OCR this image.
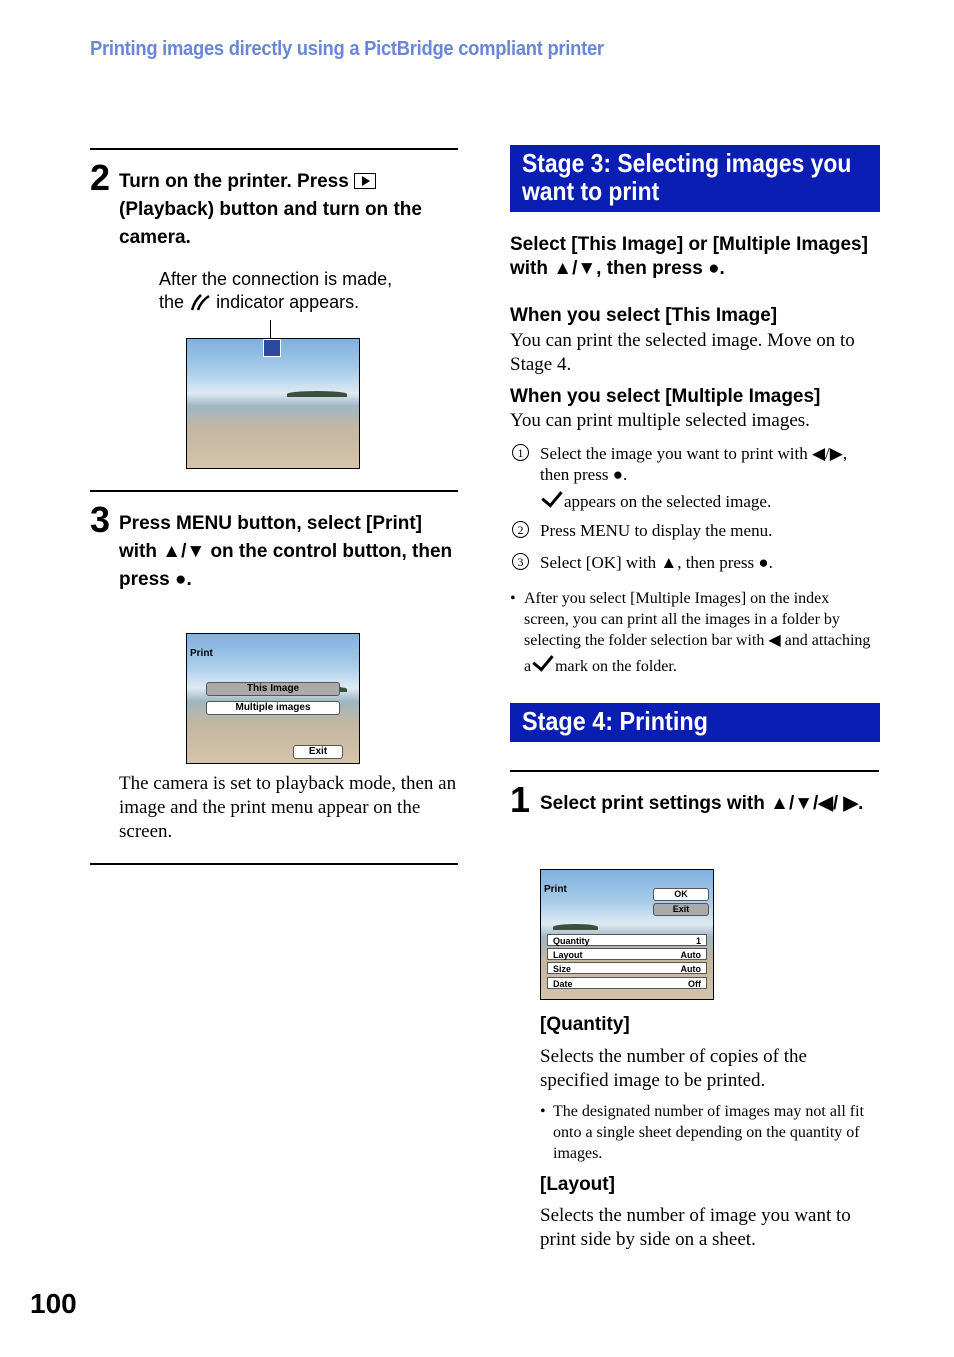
Printing images directly using a PictBridge compliant printer
2 Turn on the printer. Press  (Playback) button and turn on the camera.
After the connection is made,
the indicator appears.
3 Press MENU button, select [Print] with ▲/▼ on the control button, then press ●.
Print
This Image
Multiple images
Exit
The camera is set to playback mode, then an image and the print menu appear on the screen.
Stage 3: Selecting images you want to print
Select [This Image] or [Multiple Images] with ▲/▼, then press ●.
When you select [This Image]
You can print the selected image. Move on to Stage 4.
When you select [Multiple Images]
You can print multiple selected images.
1 Select the image you want to print with ◀/▶, then press ●.
appears on the selected image.
2 Press MENU to display the menu.
3 Select [OK] with ▲, then press ●.
• After you select [Multiple Images] on the index screen, you can print all the images in a folder by selecting the folder selection bar with ◀ and attaching a mark on the folder.
Stage 4: Printing
1 Select print settings with ▲/▼/◀/ ▶.
Print	OK
Exit
Quantity	1
Layout	Auto
Size	Auto
Date	Off
[Quantity]
Selects the number of copies of the specified image to be printed.
• The designated number of images may not all fit onto a single sheet depending on the quantity of images.
[Layout]
Selects the number of image you want to print side by side on a sheet.
100
